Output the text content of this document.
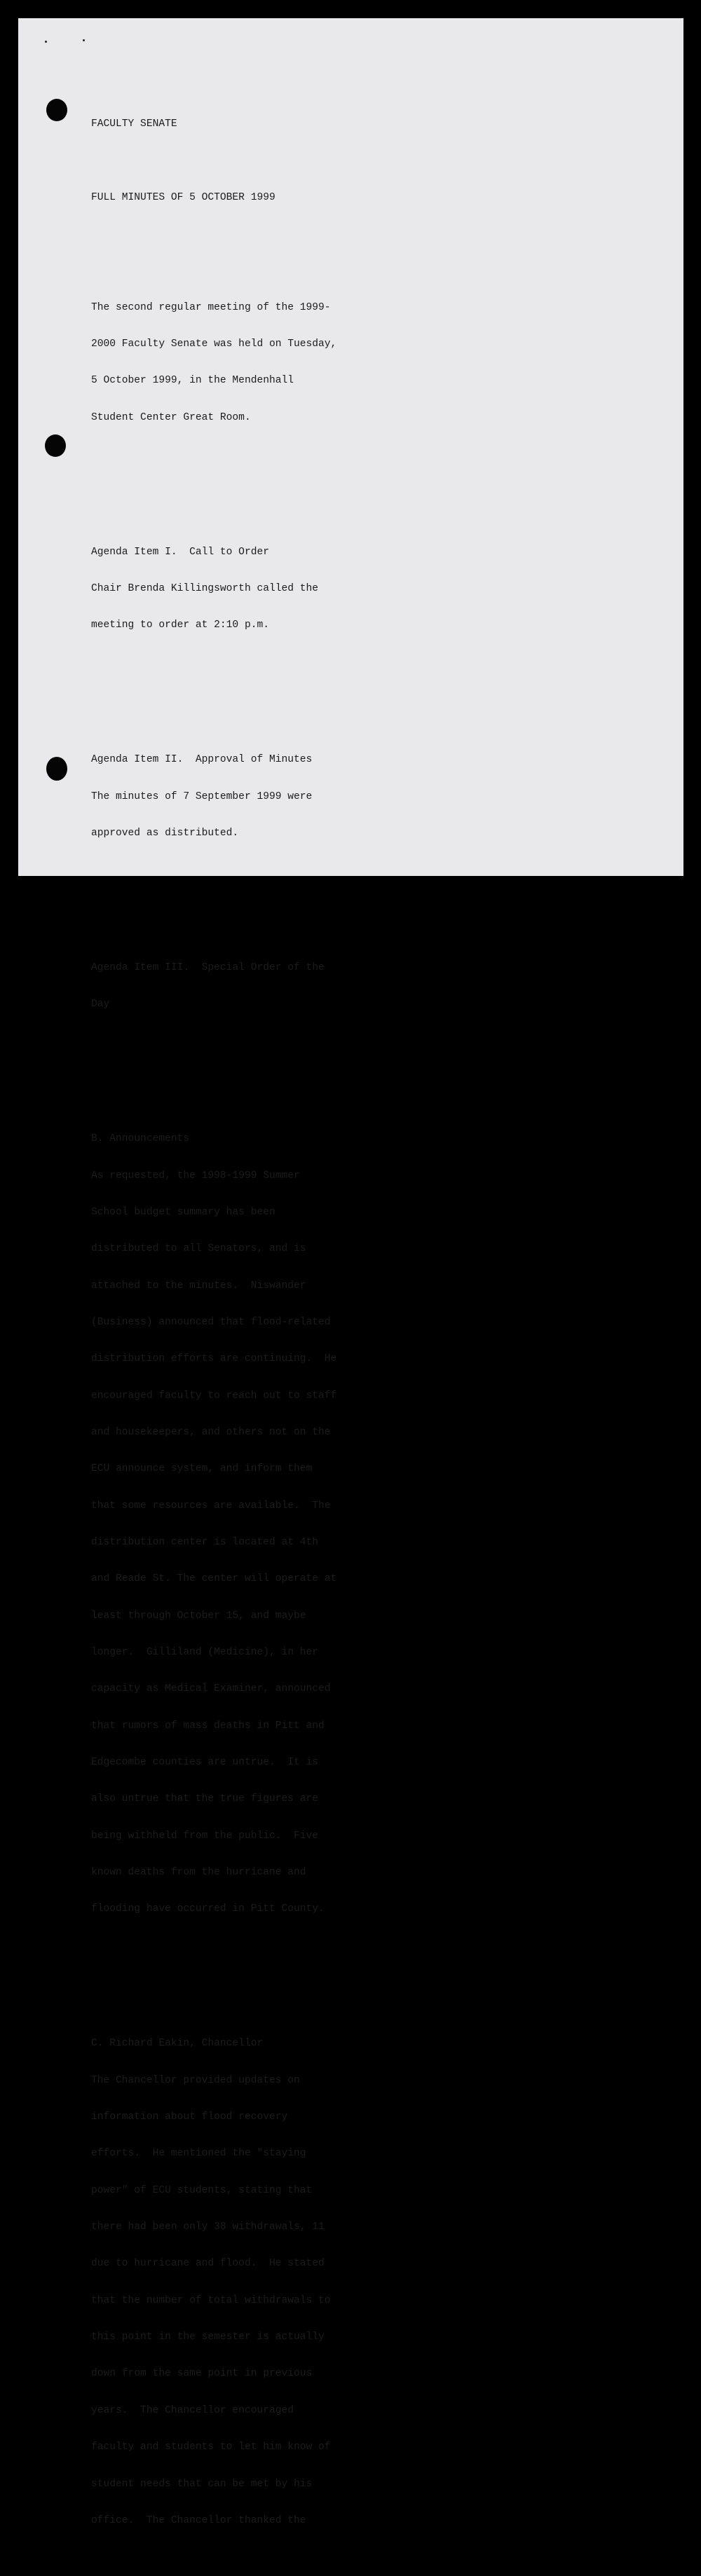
FACULTY SENATE

FULL MINUTES OF 5 OCTOBER 1999

The second regular meeting of the 1999-

2000 Faculty Senate was held on Tuesday,

5 October 1999, in the Mendenhall

Student Center Great Room.

Agenda Item I.  Call to Order

Chair Brenda Killingsworth called the

meeting to order at 2:10 p.m.

Agenda Item II.  Approval of Minutes

The minutes of 7 September 1999 were

approved as distributed.

Agenda Item III.  Special Order of the

Day

B. Announcements

As requested, the 1998-1999 Summer

School budget summary has been

distributed to all Senators, and is

attached to the minutes.  Niswander

(Business) announced that flood-related

distribution efforts are continuing.  He

encouraged faculty to reach out to staff

and housekeepers, and others not on the

ECU announce system, and inform them

that some resources are available.  The

distribution center is located at 4th

and Reade St. The center will operate at

least through October 15, and maybe

longer.  Gilliland (Medicine), in her

capacity as Medical Examiner, announced

that rumors of mass deaths in Pitt and

Edgecombe counties are untrue.  It is

also untrue that the true figures are

being withheld from the public.  Five

known deaths from the hurricane and

flooding have occurred in Pitt County.

C. Richard Eakin, Chancellor

The Chancellor provided updates on

information about flood recovery

efforts.  He mentioned the "staying

power" of ECU students, stating that

there had been only 38 withdrawals, 11

due to hurricane and flood.  He stated

that the number of total withdrawals to

this point in the semester is actually

down from the same point in previous

years.  The Chancellor encouraged

faculty and students to let him know of

student needs that can be met by his

office.  The Chancellor thanked the
